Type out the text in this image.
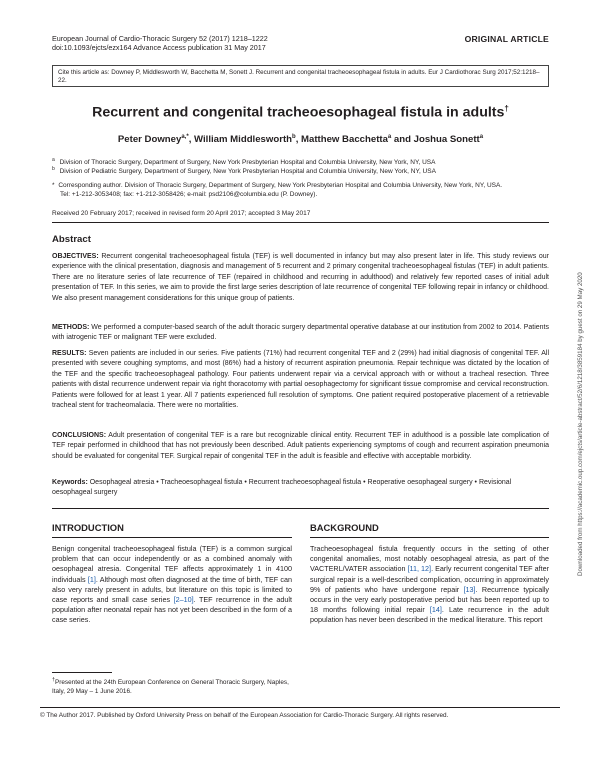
European Journal of Cardio-Thoracic Surgery 52 (2017) 1218–1222
doi:10.1093/ejcts/ezx164 Advance Access publication 31 May 2017
ORIGINAL ARTICLE
Cite this article as: Downey P, Middlesworth W, Bacchetta M, Sonett J. Recurrent and congenital tracheoesophageal fistula in adults. Eur J Cardiothorac Surg 2017;52:1218–22.
Recurrent and congenital tracheoesophageal fistula in adults†
Peter Downey$^{a,*}$, William Middlesworth$^b$, Matthew Bacchetta$^a$ and Joshua Sonett$^a$
$^a$ Division of Thoracic Surgery, Department of Surgery, New York Presbyterian Hospital and Columbia University, New York, NY, USA
$^b$ Division of Pediatric Surgery, Department of Surgery, New York Presbyterian Hospital and Columbia University, New York, NY, USA
* Corresponding author. Division of Thoracic Surgery, Department of Surgery, New York Presbyterian Hospital and Columbia University, New York, NY, USA.
Tel: +1-212-3053408; fax: +1-212-3058426; e-mail: psd2106@columbia.edu (P. Downey).
Received 20 February 2017; received in revised form 20 April 2017; accepted 3 May 2017
Abstract
OBJECTIVES: Recurrent congenital tracheoesophageal fistula (TEF) is well documented in infancy but may also present later in life. This study reviews our experience with the clinical presentation, diagnosis and management of 5 recurrent and 2 primary congenital tracheoesophageal fistulas (TEF) in adult patients. There are no literature series of late recurrence of TEF (repaired in childhood and recurring in adulthood) and relatively few reported cases of initial adult presentation of TEF. In this series, we aim to provide the first large series description of late recurrence of congenital TEF following repair in infancy or childhood. We also present management considerations for this unique group of patients.
METHODS: We performed a computer-based search of the adult thoracic surgery departmental operative database at our institution from 2002 to 2014. Patients with iatrogenic TEF or malignant TEF were excluded.
RESULTS: Seven patients are included in our series. Five patients (71%) had recurrent congenital TEF and 2 (29%) had initial diagnosis of congenital TEF. All presented with severe coughing symptoms, and most (86%) had a history of recurrent aspiration pneumonia. Repair technique was dictated by the location of the TEF and the specific tracheoesophageal pathology. Four patients underwent repair via a cervical approach with or without a tracheal resection. Three patients with distal recurrence underwent repair via right thoracotomy with partial oesophagectomy for significant tissue compromise and cervical reconstruction. Patients were followed for at least 1 year. All 7 patients experienced full resolution of symptoms. One patient required postoperative placement of a retrievable tracheal stent for tracheomalacia. There were no mortalities.
CONCLUSIONS: Adult presentation of congenital TEF is a rare but recognizable clinical entity. Recurrent TEF in adulthood is a possible late complication of TEF repair performed in childhood that has not previously been described. Adult patients experiencing symptoms of cough and recurrent aspiration pneumonia should be evaluated for congenital TEF. Surgical repair of congenital TEF in the adult is feasible and effective with acceptable morbidity.
Keywords: Oesophageal atresia • Tracheoesophageal fistula • Recurrent tracheoesophageal fistula • Reoperative oesophageal surgery • Revisional oesophageal surgery
INTRODUCTION
Benign congenital tracheoesophageal fistula (TEF) is a common surgical problem that can occur independently or as a combined anomaly with oesophageal atresia. Congenital TEF affects approximately 1 in 4100 individuals [1]. Although most often diagnosed at the time of birth, TEF can also very rarely present in adults, but literature on this topic is limited to case reports and small case series [2–10]. TEF recurrence in the adult population after neonatal repair has not yet been described in the form of a case series.
BACKGROUND
Tracheoesophageal fistula frequently occurs in the setting of other congenital anomalies, most notably oesophageal atresia, as part of the VACTERL/VATER association [11, 12]. Early recurrent congenital TEF after surgical repair is a well-described complication, occurring in approximately 9% of patients who have undergone repair [13]. Recurrence typically occurs in the very early postoperative period but has been reported up to 18 months following initial repair [14]. Late recurrence in the adult population has never been described in the medical literature. This report
†Presented at the 24th European Conference on General Thoracic Surgery, Naples, Italy, 29 May – 1 June 2016.
© The Author 2017. Published by Oxford University Press on behalf of the European Association for Cardio-Thoracic Surgery. All rights reserved.
Downloaded from https://academic.oup.com/ejcts/article-abstract/52/6/1218/3859184 by guest on 29 May 2020
